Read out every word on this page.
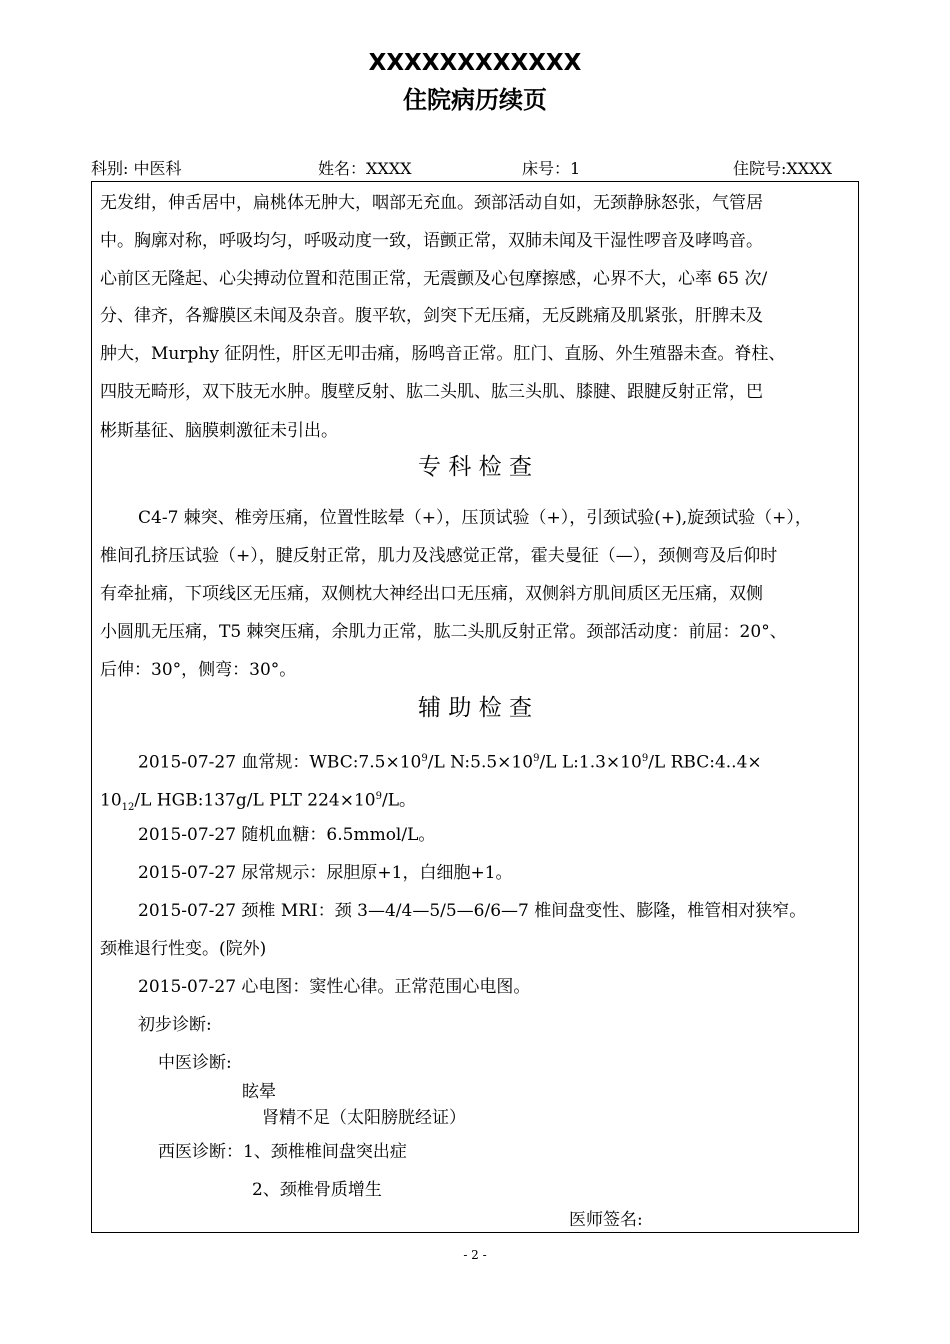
XXXXXXXXXXXX
住院病历续页
科别: 中医科	姓名：XXXX	床号：1	住院号:XXXX
无发绀，伸舌居中，扁桃体无肿大，咽部无充血。颈部活动自如，无颈静脉怒张，气管居
中。胸廓对称，呼吸均匀，呼吸动度一致，语颤正常，双肺未闻及干湿性啰音及哮鸣音。
心前区无隆起、心尖搏动位置和范围正常，无震颤及心包摩擦感，心界不大，心率 65 次/
分、律齐，各瓣膜区未闻及杂音。腹平软，剑突下无压痛，无反跳痛及肌紧张，肝脾未及
肿大，Murphy 征阴性，肝区无叩击痛，肠鸣音正常。肛门、直肠、外生殖器未查。脊柱、
四肢无畸形，双下肢无水肿。腹壁反射、肱二头肌、肱三头肌、膝腱、跟腱反射正常，巴
彬斯基征、脑膜刺激征未引出。
专 科 检 查
C4-7 棘突、椎旁压痛，位置性眩晕（+），压顶试验（+），引颈试验(+),旋颈试验（+），
椎间孔挤压试验（+），腱反射正常，肌力及浅感觉正常，霍夫曼征（—），颈侧弯及后仰时
有牵扯痛，下项线区无压痛，双侧枕大神经出口无压痛，双侧斜方肌间质区无压痛，双侧
小圆肌无压痛，T5 棘突压痛，余肌力正常，肱二头肌反射正常。颈部活动度：前屈：20°、
后伸：30°，侧弯：30°。
辅 助 检 查
2015-07-27 血常规：$WBC:7.5\times 10^9/L$ $N:5.5\times 10^9/L$ $L:1.3\times 10^9/L$ RBC:4..4×
$10_{12}/L$ HGB:137g/L PLT $224\times 10^9/L$。
2015-07-27 随机血糖：6.5mmol/L。
2015-07-27 尿常规示：尿胆原+1，白细胞+1。
2015-07-27 颈椎 MRI：颈 3—4/4—5/5—6/6—7 椎间盘变性、膨隆，椎管相对狭窄。
颈椎退行性变。(院外)
2015-07-27 心电图：窦性心律。正常范围心电图。
初步诊断:
中医诊断:
眩晕
肾精不足（太阳膀胱经证）
西医诊断：1、颈椎椎间盘突出症
2、颈椎骨质增生
医师签名:
- 2 -
